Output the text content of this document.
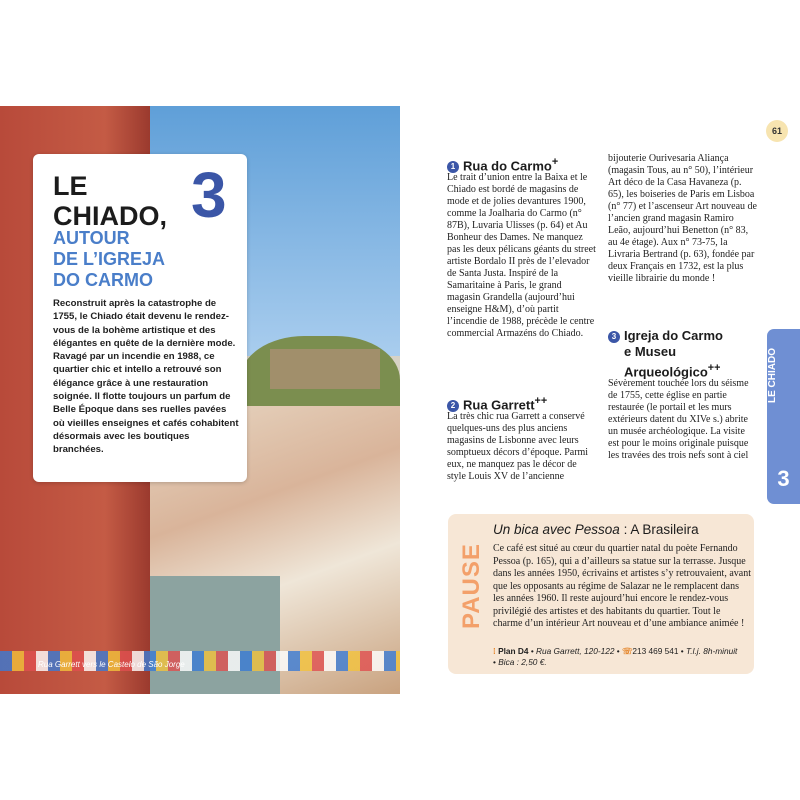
LE
CHIADO, 3
AUTOUR
DE L’IGREJA
DO CARMO
Reconstruit après la catastrophe de 1755, le Chiado était devenu le rendez-vous de la bohème artistique et des élégantes en quête de la dernière mode. Ravagé par un incendie en 1988, ce quartier chic et intello a retrouvé son élégance grâce à une restauration soignée. Il flotte toujours un parfum de Belle Époque dans ses ruelles pavées où vieilles enseignes et cafés cohabitent désormais avec les boutiques branchées.
Rua Garrett vers le Castelo de São Jorge
61
LE CHIADO
3
1 Rua do Carmo+
Le trait d’union entre la Baixa et le Chiado est bordé de magasins de mode et de jolies devantures 1900, comme la Joalharia do Carmo (n° 87B), Luvaria Ulisses (p. 64) et Au Bonheur des Dames. Ne manquez pas les deux pélicans géants du street artiste Bordalo II près de l’elevador de Santa Justa. Inspiré de la Samaritaine à Paris, le grand magasin Grandella (aujourd’hui enseigne H&M), d’où partit l’incendie de 1988, précède le centre commercial Armazéns do Chiado.
2 Rua Garrett++
La très chic rua Garrett a conservé quelques-uns des plus anciens magasins de Lisbonne avec leurs somptueux décors d’époque. Parmi eux, ne manquez pas le décor de style Louis XV de l’ancienne
bijouterie Ourivesaria Aliança (magasin Tous, au n° 50), l’intérieur Art déco de la Casa Havaneza (p. 65), les boiseries de Paris em Lisboa (n° 77) et l’ascenseur Art nouveau de l’ancien grand magasin Ramiro Leão, aujourd’hui Benetton (n° 83, au 4e étage). Aux n° 73-75, la Livraria Bertrand (p. 63), fondée par deux Français en 1732, est la plus vieille librairie du monde !
3 Igreja do Carmo
e Museu
Arqueológico++
Sévèrement touchée lors du séisme de 1755, cette église en partie restaurée (le portail et les murs extérieurs datent du XIVe s.) abrite un musée archéologique. La visite est pour le moins originale puisque les travées des trois nefs sont à ciel
PAUSE
Un bica avec Pessoa : A Brasileira
Ce café est situé au cœur du quartier natal du poète Fernando Pessoa (p. 165), qui a d’ailleurs sa statue sur la terrasse. Jusque dans les années 1950, écrivains et artistes s’y retrouvaient, avant que les opposants au régime de Salazar ne le remplacent dans les années 1960. Il reste aujourd’hui encore le rendez-vous privilégié des artistes et des habitants du quartier. Tout le charme d’un intérieur Art nouveau et d’une ambiance animée !
⁞ Plan D4 • Rua Garrett, 120-122 • ☏213 469 541 • T.l.j. 8h-minuit
• Bica : 2,50 €.
